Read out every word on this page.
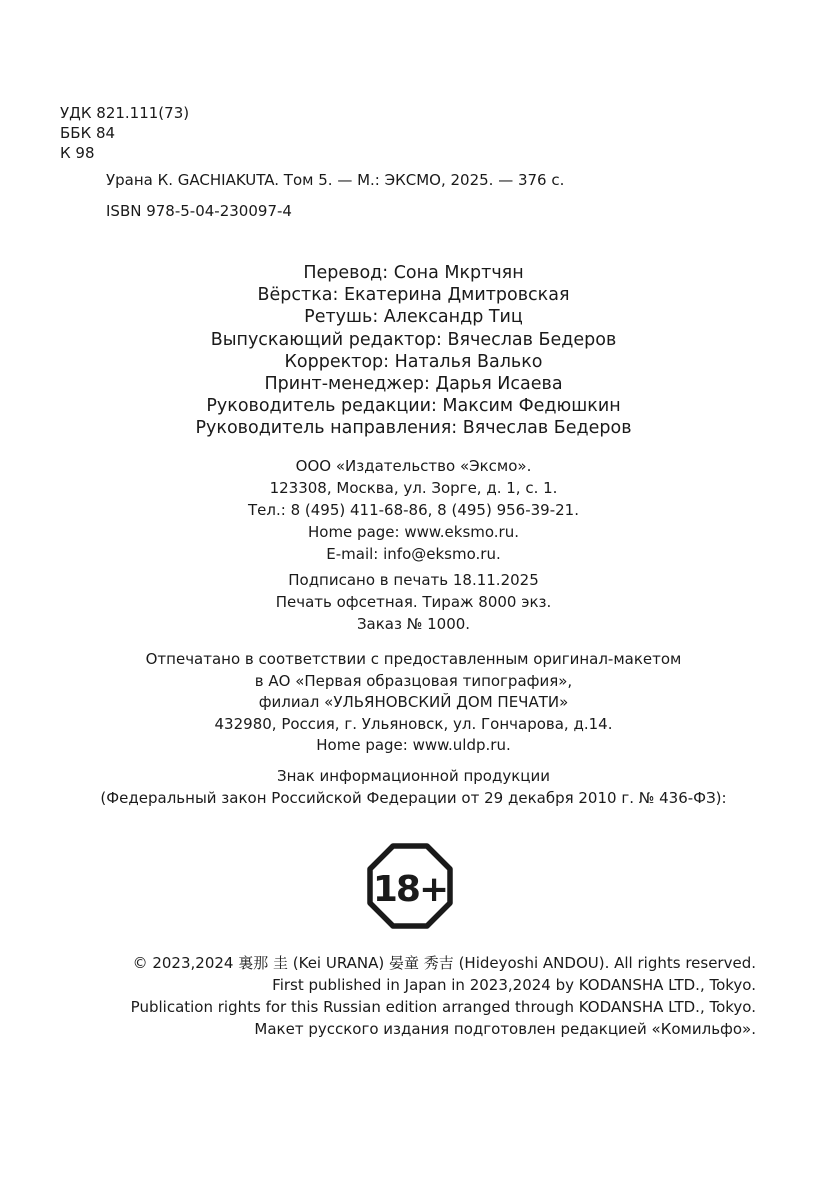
УДК 821.111(73)

ББК 84

К 98

Урана К. GACHIAKUTA. Том 5. — М.: ЭКСМО, 2025. — 376 с.

ISBN 978-5-04-230097-4

Перевод: Сона Мкртчян
Вёрстка: Екатерина Дмитровская
Ретушь: Александр Тиц
Выпускающий редактор: Вячеслав Бедеров
Корректор: Наталья Валько
Принт-менеджер: Дарья Исаева
Руководитель редакции: Максим Федюшкин
Руководитель направления: Вячеслав Бедеров
ООО «Издательство «Эксмо».
123308, Москва, ул. Зорге, д. 1, с. 1.
Тел.: 8 (495) 411-68-86, 8 (495) 956-39-21.
Home page: www.eksmo.ru.
E-mail: info@eksmo.ru.
Подписано в печать 18.11.2025
Печать офсетная. Тираж 8000 экз.
Заказ № 1000.
Отпечатано в соответствии с предоставленным оригинал-макетом
в АО «Первая образцовая типография»,
филиал «УЛЬЯНОВСКИЙ ДОМ ПЕЧАТИ»
432980, Россия, г. Ульяновск, ул. Гончарова, д.14.
Home page: www.uldp.ru.
Знак информационной продукции
(Федеральный закон Российской Федерации от 29 декабря 2010 г. № 436-ФЗ):
18+
© 2023,2024 裏那 圭 (Kei URANA) 晏童 秀吉 (Hideyoshi ANDOU). All rights reserved.
First published in Japan in 2023,2024 by KODANSHA LTD., Tokyo.
Publication rights for this Russian edition arranged through KODANSHA LTD., Tokyo.
Макет русского издания подготовлен редакцией «Комильфо».
